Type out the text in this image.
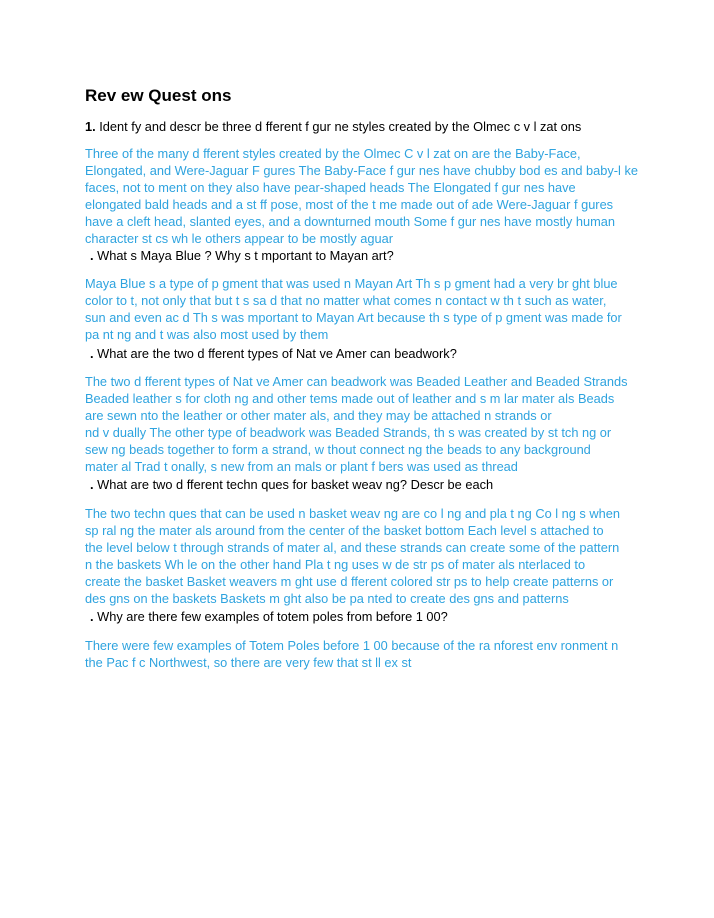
Rev ew Quest ons
1. Ident fy and descr be three d fferent f gur ne styles created by the Olmec c v l zat ons
Three of the many d fferent styles created by the Olmec C v l zat on are the Baby-Face,
Elongated, and Were-Jaguar F gures The Baby-Face f gur nes have chubby bod es and baby-l ke
faces, not to ment on they also have pear-shaped heads The Elongated f gur nes have
elongated bald heads and a st ff pose, most of the t me made out of ade Were-Jaguar f gures
have a cleft head, slanted eyes, and a downturned mouth Some f gur nes have mostly human
character st cs wh le others appear to be mostly aguar
. What s Maya Blue ? Why s t mportant to Mayan art?
Maya Blue s a type of p gment that was used n Mayan Art Th s p gment had a very br ght blue
color to t, not only that but t s sa d that no matter what comes n contact w th t such as water,
sun and even ac d Th s was mportant to Mayan Art because th s type of p gment was made for
pa nt ng and t was also most used by them
. What are the two d fferent types of Nat ve Amer can beadwork?
The two d fferent types of Nat ve Amer can beadwork was Beaded Leather and Beaded Strands
Beaded leather s for cloth ng and other tems made out of leather and s m lar mater als Beads
are sewn nto the leather or other mater als, and they may be attached n strands or
nd v dually The other type of beadwork was Beaded Strands, th s was created by st tch ng or
sew ng beads together to form a strand, w thout connect ng the beads to any background
mater al Trad t onally, s new from an mals or plant f bers was used as thread
. What are two d fferent techn ques for basket weav ng? Descr be each
The two techn ques that can be used n basket weav ng are co l ng and pla t ng Co l ng s when
sp ral ng the mater als around from the center of the basket bottom Each level s attached to
the level below t through strands of mater al, and these strands can create some of the pattern
n the baskets Wh le on the other hand Pla t ng uses w de str ps of mater als nterlaced to
create the basket Basket weavers m ght use d fferent colored str ps to help create patterns or
des gns on the baskets Baskets m ght also be pa nted to create des gns and patterns
. Why are there few examples of totem poles from before 1 00?
There were few examples of Totem Poles before 1 00 because of the ra nforest env ronment n
the Pac f c Northwest, so there are very few that st ll ex st
